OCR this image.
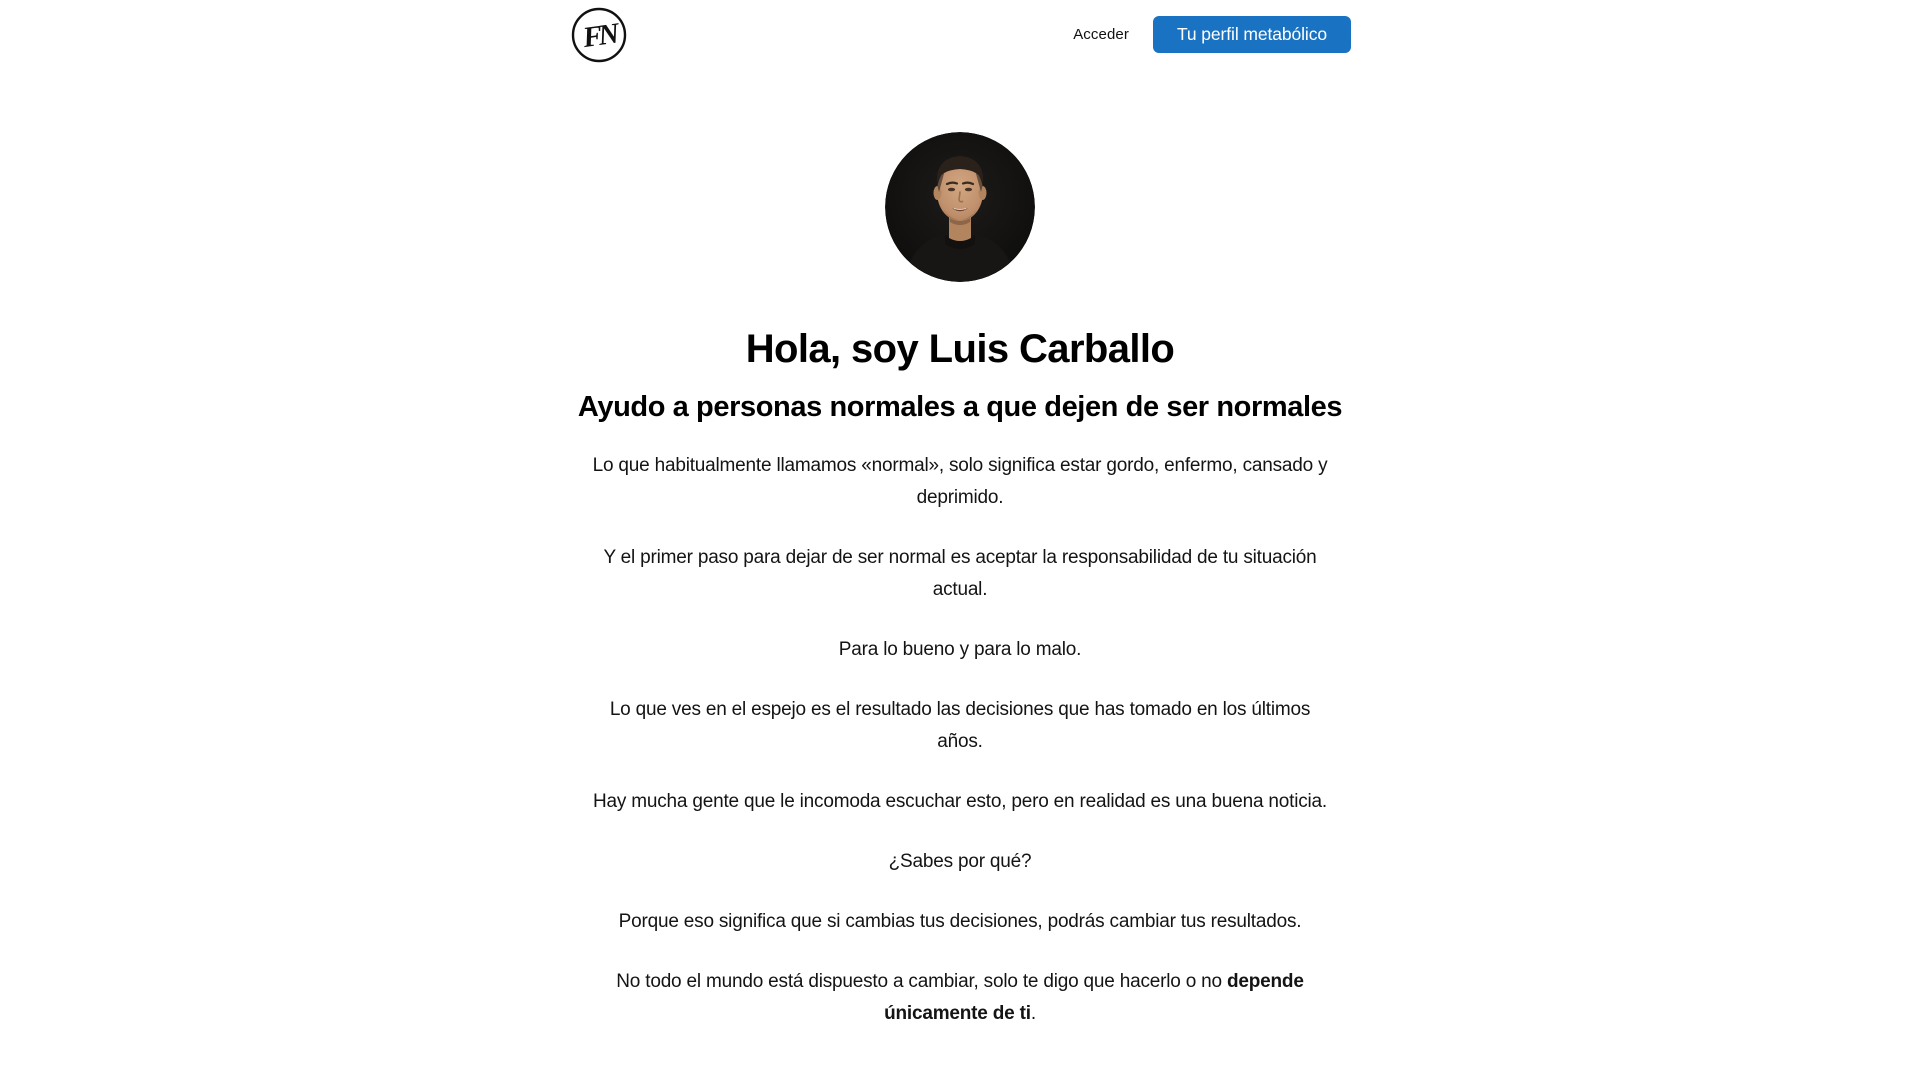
FN	Acceder	Tu perfil metabólico
Hola, soy Luis Carballo
Ayudo a personas normales a que dejen de ser normales

Lo que habitualmente llamamos «normal», solo significa estar gordo, enfermo, cansado y deprimido.

Y el primer paso para dejar de ser normal es aceptar la responsabilidad de tu situación actual.

Para lo bueno y para lo malo.

Lo que ves en el espejo es el resultado las decisiones que has tomado en los últimos años.

Hay mucha gente que le incomoda escuchar esto, pero en realidad es una buena noticia.

¿Sabes por qué?

Porque eso significa que si cambias tus decisiones, podrás cambiar tus resultados.

No todo el mundo está dispuesto a cambiar, solo te digo que hacerlo o no depende únicamente de ti.
